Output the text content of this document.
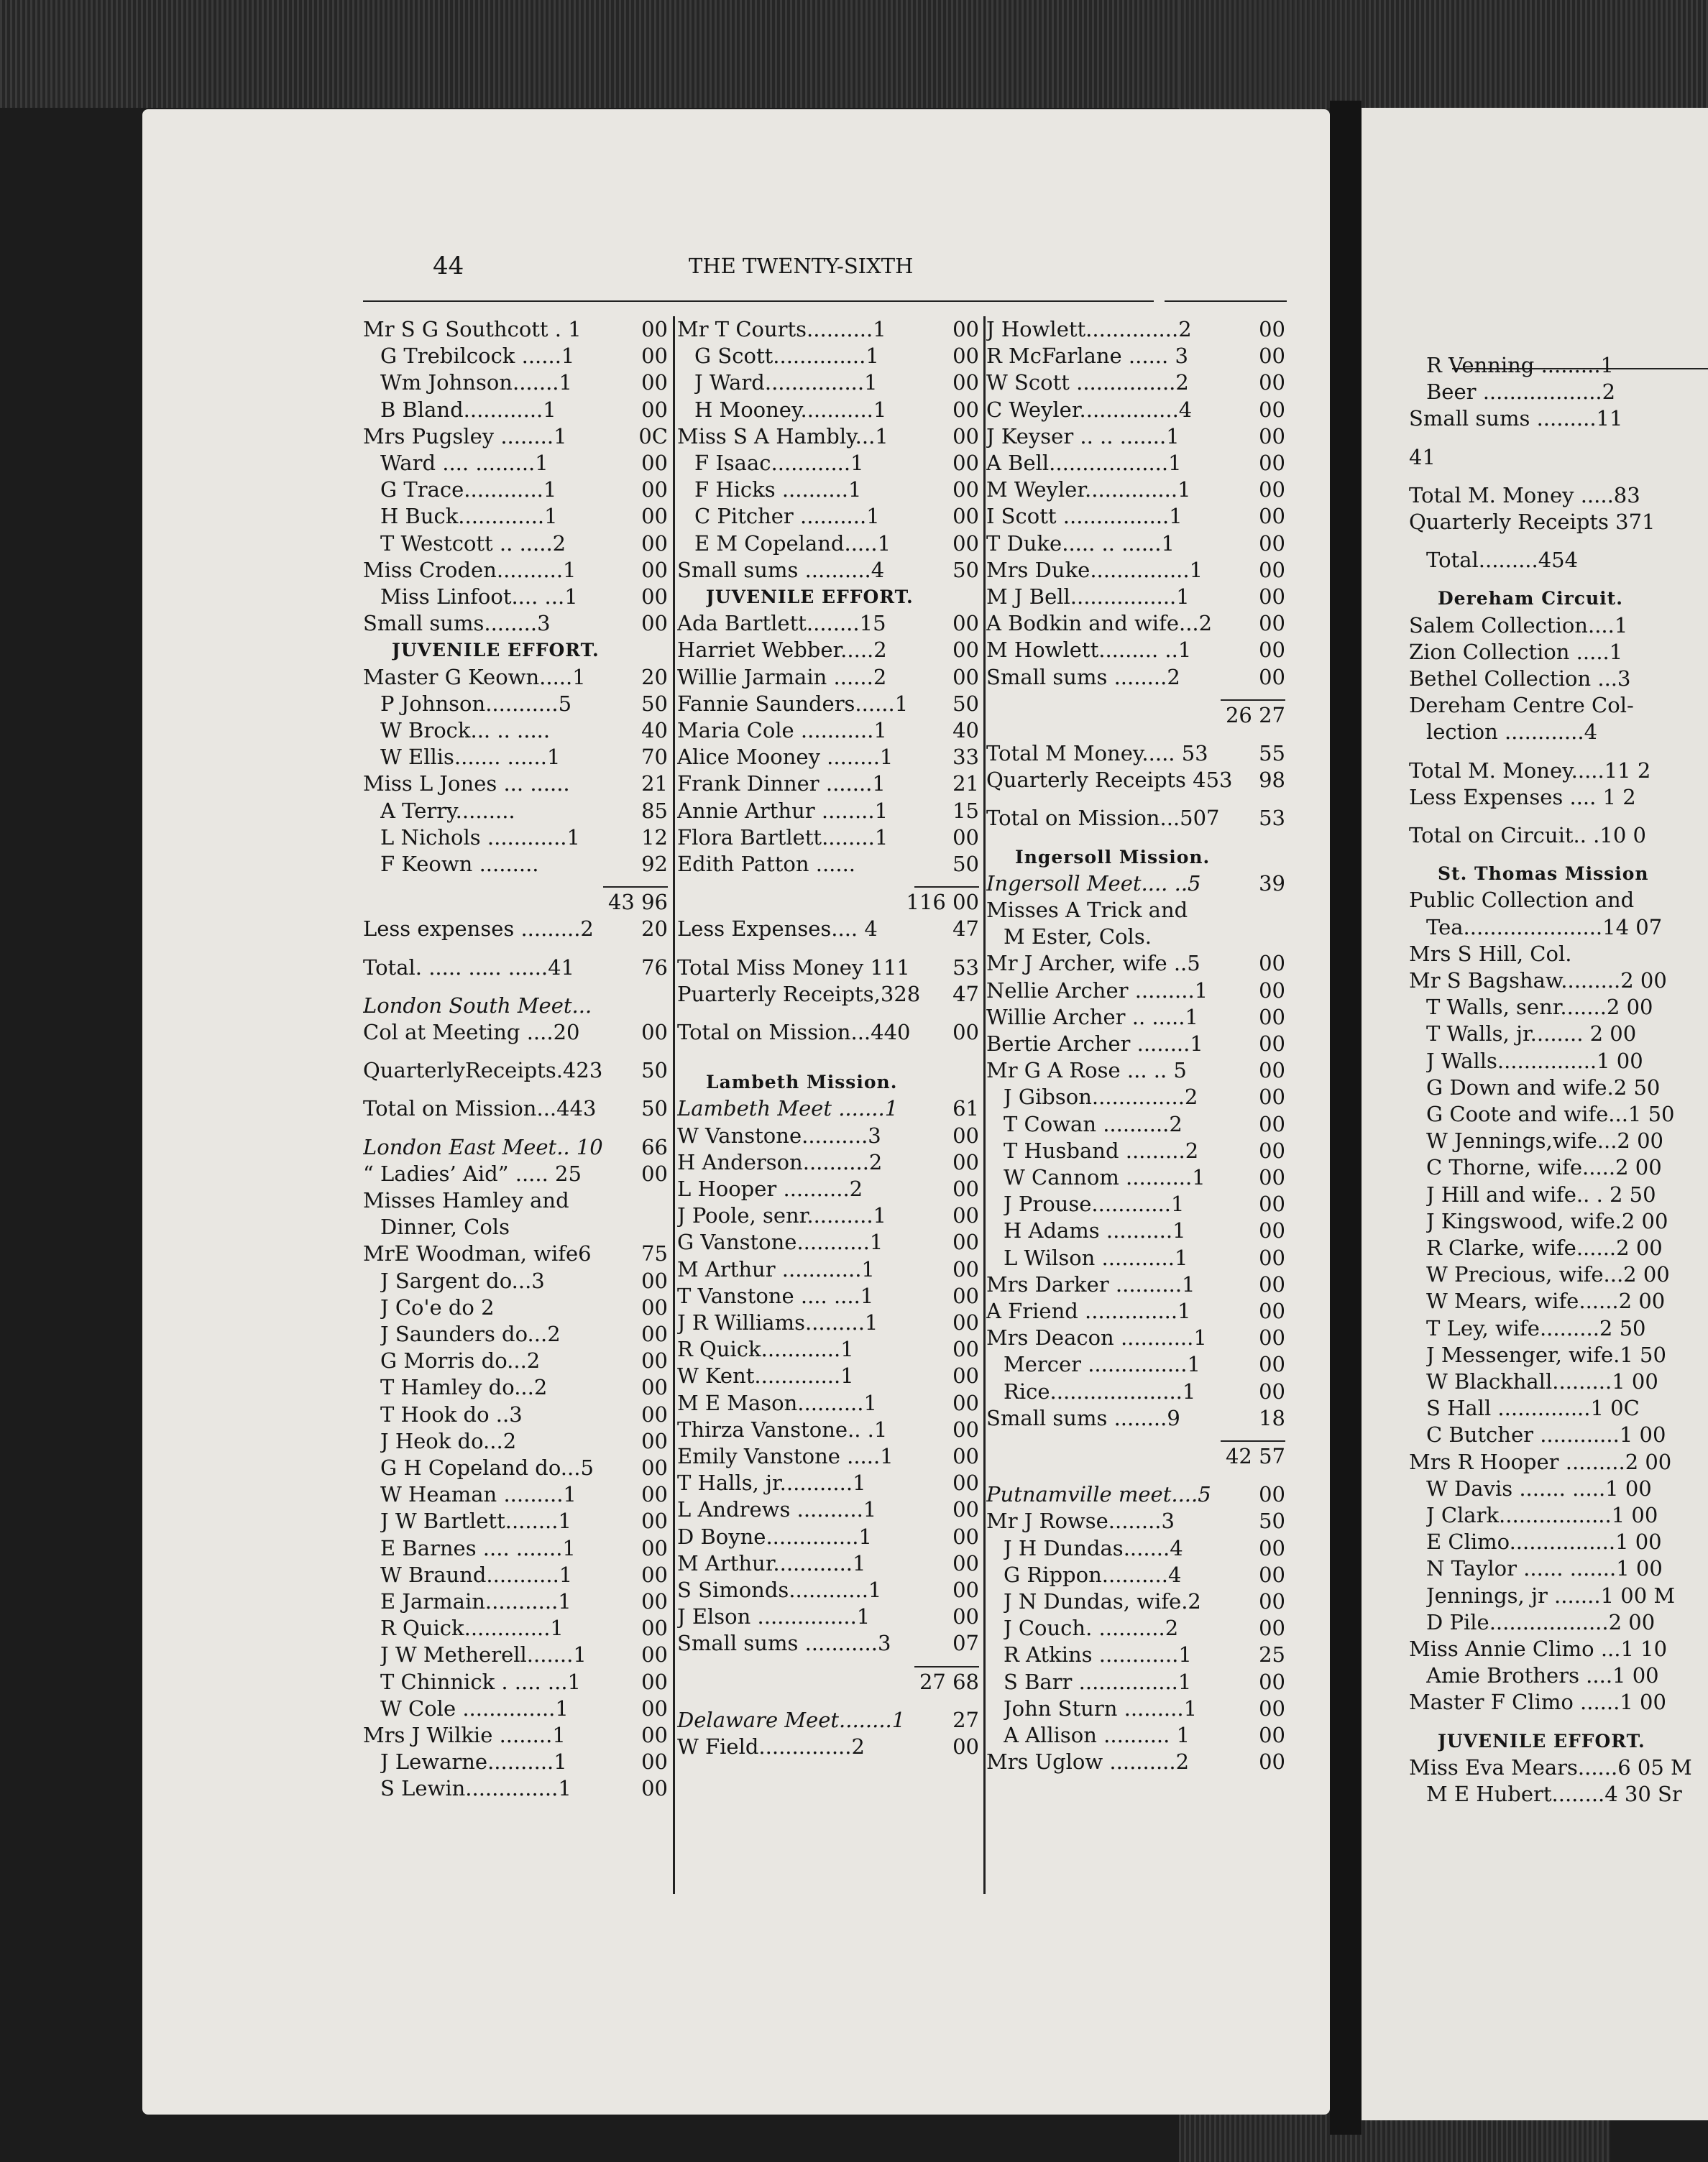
44	THE TWENTY-SIXTH
Mr S G Southcott . 1	00
G Trebilcock ......1	00
Wm Johnson.......1	00
B Bland............1	00
Mrs Pugsley ........1	0C
Ward .... .........1	00
G Trace............1	00
H Buck.............1	00
T Westcott .. .....2	00
Miss Croden..........1	00
Miss Linfoot.... ...1	00
Small sums........3	00
JUVENILE EFFORT.
Master G Keown.....1	20
P Johnson...........5	50
W Brock... .. .....	40
W Ellis....... ......1	70
Miss L Jones ... ......	21
A Terry.........	85
L Nichols ............1	12
F Keown .........	92
43 96
Less expenses .........2	20
Total. ..... ..... ......41	76
London South Meet...
Col at Meeting ....20	00
QuarterlyReceipts.423	50
Total on Mission...443	50
London East Meet.. 10	66
“ Ladies’ Aid” ..... 25	00
Misses Hamley and
Dinner, Cols
MrE Woodman, wife6	75
J Sargent do...3	00
J Co'e do 2	00
J Saunders do...2	00
G Morris do...2	00
T Hamley do...2	00
T Hook do ..3	00
J Heok do...2	00
G H Copeland do...5	00
W Heaman .........1	00
J W Bartlett........1	00
E Barnes .... .......1	00
W Braund...........1	00
E Jarmain...........1	00
R Quick.............1	00
J W Metherell.......1	00
T Chinnick . .... ...1	00
W Cole ..............1	00
Mrs J Wilkie ........1	00
J Lewarne..........1	00
S Lewin..............1	00
Mr T Courts..........1	00
G Scott..............1	00
J Ward...............1	00
H Mooney...........1	00
Miss S A Hambly...1	00
F Isaac............1	00
F Hicks ..........1	00
C Pitcher ..........1	00
E M Copeland.....1	00
Small sums ..........4	50
JUVENILE EFFORT.
Ada Bartlett........15	00
Harriet Webber.....2	00
Willie Jarmain ......2	00
Fannie Saunders......1	50
Maria Cole ...........1	40
Alice Mooney ........1	33
Frank Dinner .......1	21
Annie Arthur ........1	15
Flora Bartlett........1	00
Edith Patton ......	50
116 00
Less Expenses.... 4	47
Total Miss Money 111	53
Puarterly Receipts,328	47
Total on Mission...440	00
Lambeth Mission.
Lambeth Meet .......1	61
W Vanstone..........3	00
H Anderson..........2	00
L Hooper ..........2	00
J Poole, senr..........1	00
G Vanstone...........1	00
M Arthur ............1	00
T Vanstone .... ....1	00
J R Williams.........1	00
R Quick............1	00
W Kent.............1	00
M E Mason..........1	00
Thirza Vanstone.. .1	00
Emily Vanstone .....1	00
T Halls, jr...........1	00
L Andrews ..........1	00
D Boyne..............1	00
M Arthur............1	00
S Simonds............1	00
J Elson ...............1	00
Small sums ...........3	07
27 68
Delaware Meet........1	27
W Field..............2	00
J Howlett..............2	00
R McFarlane ...... 3	00
W Scott ...............2	00
C Weyler...............4	00
J Keyser .. .. .......1	00
A Bell..................1	00
M Weyler..............1	00
I Scott ................1	00
T Duke..... .. ......1	00
Mrs Duke...............1	00
M J Bell................1	00
A Bodkin and wife...2	00
M Howlett......... ..1	00
Small sums ........2	00
26 27
Total M Money..... 53	55
Quarterly Receipts 453	98
Total on Mission...507	53
Ingersoll Mission.
Ingersoll Meet.... ..5	39
Misses A Trick and
M Ester, Cols.
Mr J Archer, wife ..5	00
Nellie Archer .........1	00
Willie Archer .. .....1	00
Bertie Archer ........1	00
Mr G A Rose ... .. 5	00
J Gibson..............2	00
T Cowan ..........2	00
T Husband .........2	00
W Cannom ..........1	00
J Prouse............1	00
H Adams ..........1	00
L Wilson ...........1	00
Mrs Darker ..........1	00
A Friend ..............1	00
Mrs Deacon ...........1	00
Mercer ...............1	00
Rice....................1	00
Small sums ........9	18
42 57
Putnamville meet....5	00
Mr J Rowse........3	50
J H Dundas.......4	00
G Rippon..........4	00
J N Dundas, wife.2	00
J Couch. ..........2	00
R Atkins ............1	25
S Barr ...............1	00
John Sturn .........1	00
A Allison .......... 1	00
Mrs Uglow ..........2	00
R Venning .........1
Beer ..................2
Small sums .........11
41
Total M. Money .....83
Quarterly Receipts 371
Total.........454
Dereham Circuit.
Salem Collection....1
Zion Collection .....1
Bethel Collection ...3
Dereham Centre Col-
lection ............4
Total M. Money.....11 2
Less Expenses .... 1 2
Total on Circuit.. .10 0
St. Thomas Mission
Public Collection and
Tea.....................14 07
Mrs S Hill, Col.
Mr S Bagshaw.........2 00
T Walls, senr.......2 00
T Walls, jr........ 2 00
J Walls...............1 00
G Down and wife.2 50
G Coote and wife...1 50
W Jennings,wife...2 00
C Thorne, wife.....2 00
J Hill and wife.. . 2 50
J Kingswood, wife.2 00
R Clarke, wife......2 00
W Precious, wife...2 00
W Mears, wife......2 00
T Ley, wife.........2 50
J Messenger, wife.1 50
W Blackhall.........1 00
S Hall ..............1 0C
C Butcher ............1 00
Mrs R Hooper .........2 00
W Davis ....... .....1 00
J Clark.................1 00
E Climo................1 00
N Taylor ...... .......1 00
Jennings, jr .......1 00 M
D Pile..................2 00
Miss Annie Climo ...1 10
Amie Brothers ....1 00
Master F Climo ......1 00
JUVENILE EFFORT.
Miss Eva Mears......6 05 M
M E Hubert........4 30 Sr
